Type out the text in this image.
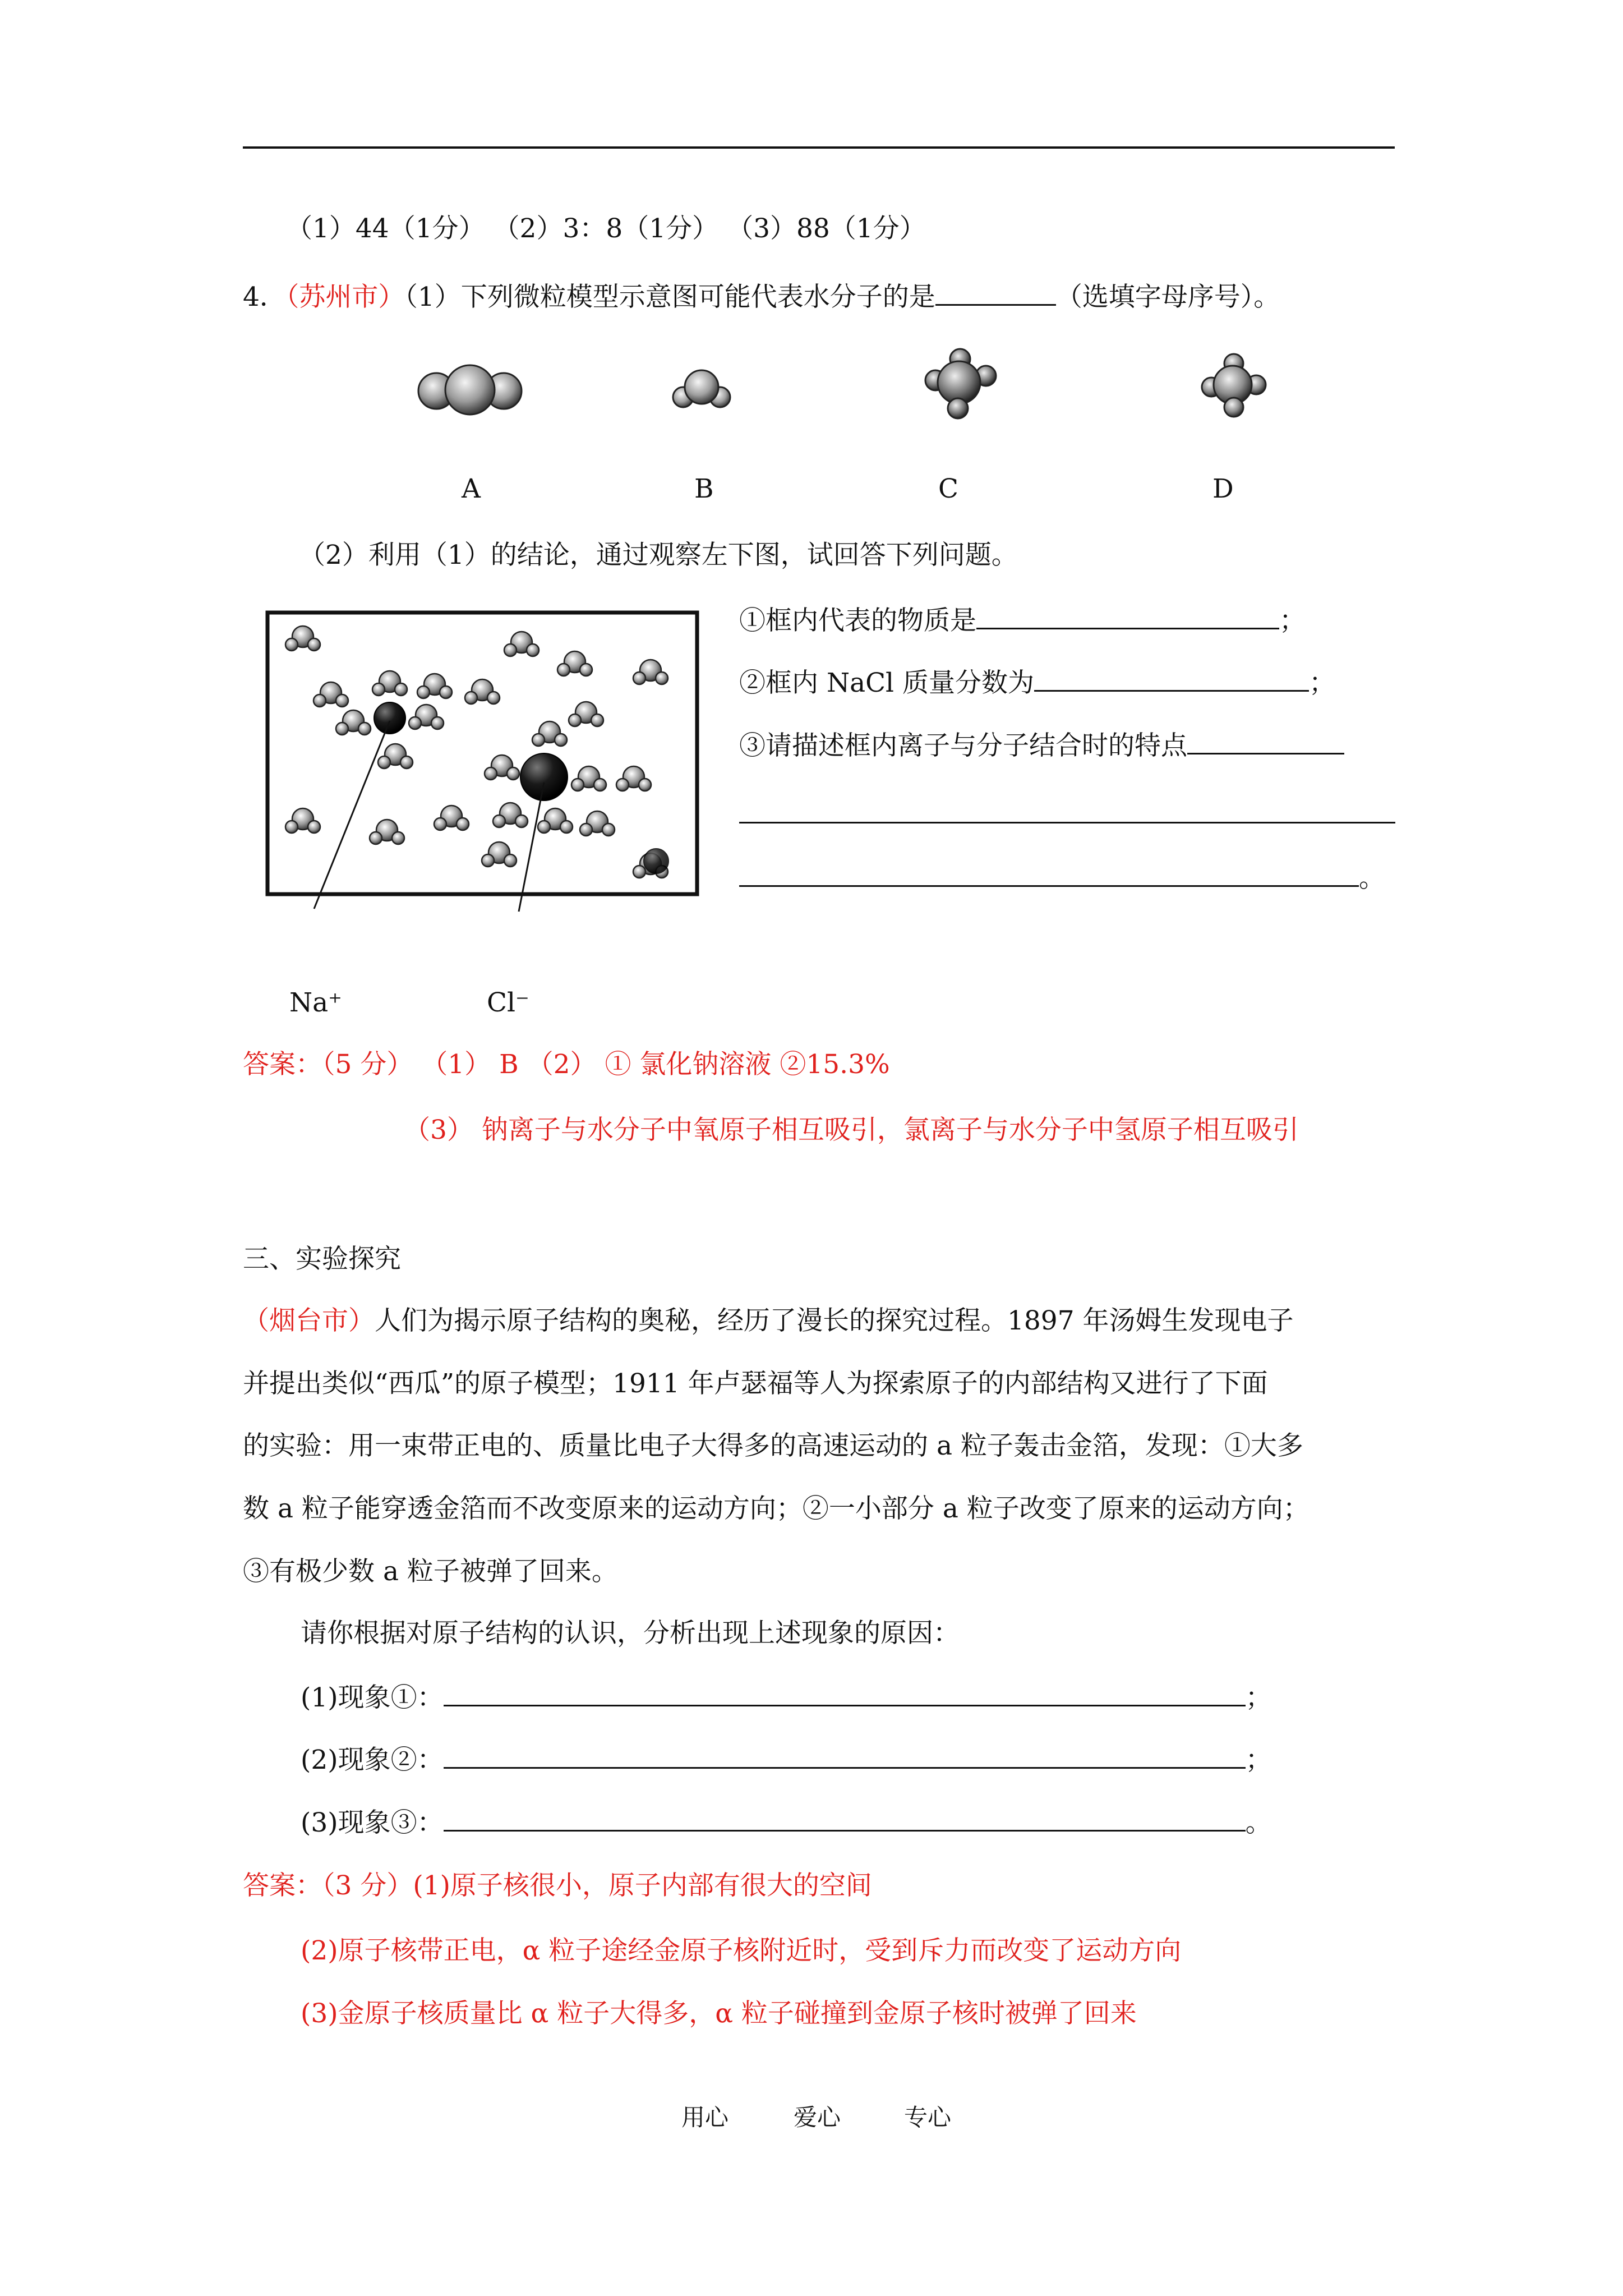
（1）44（1分） （2）3：8（1分） （3）88（1分）
4．（苏州市）（1）下列微粒模型示意图可能代表水分子的是	（选填字母序号）。
A	B	C	D
（2）利用（1）的结论，通过观察左下图，试回答下列问题。
Na⁺	Cl⁻
①框内代表的物质是	；
②框内 NaCl 质量分数为	；
③请描述框内离子与分子结合时的特点
。
答案：（5 分） （1） B （2） ① 氯化钠溶液 ②15.3%
（3） 钠离子与水分子中氧原子相互吸引，氯离子与水分子中氢原子相互吸引
三、实验探究
（烟台市）人们为揭示原子结构的奥秘，经历了漫长的探究过程。1897 年汤姆生发现电子
并提出类似“西瓜”的原子模型；1911 年卢瑟福等人为探索原子的内部结构又进行了下面
的实验：用一束带正电的、质量比电子大得多的高速运动的 a 粒子轰击金箔，发现：①大多
数 a 粒子能穿透金箔而不改变原来的运动方向；②一小部分 a 粒子改变了原来的运动方向；
③有极少数 a 粒子被弹了回来。
请你根据对原子结构的认识，分析出现上述现象的原因：
(1)现象①：	；
(2)现象②：	；
(3)现象③：	。
答案：（3 分）(1)原子核很小，原子内部有很大的空间
(2)原子核带正电，α 粒子途经金原子核附近时，受到斥力而改变了运动方向
(3)金原子核质量比 α 粒子大得多，α 粒子碰撞到金原子核时被弹了回来
用心	爱心	专心
